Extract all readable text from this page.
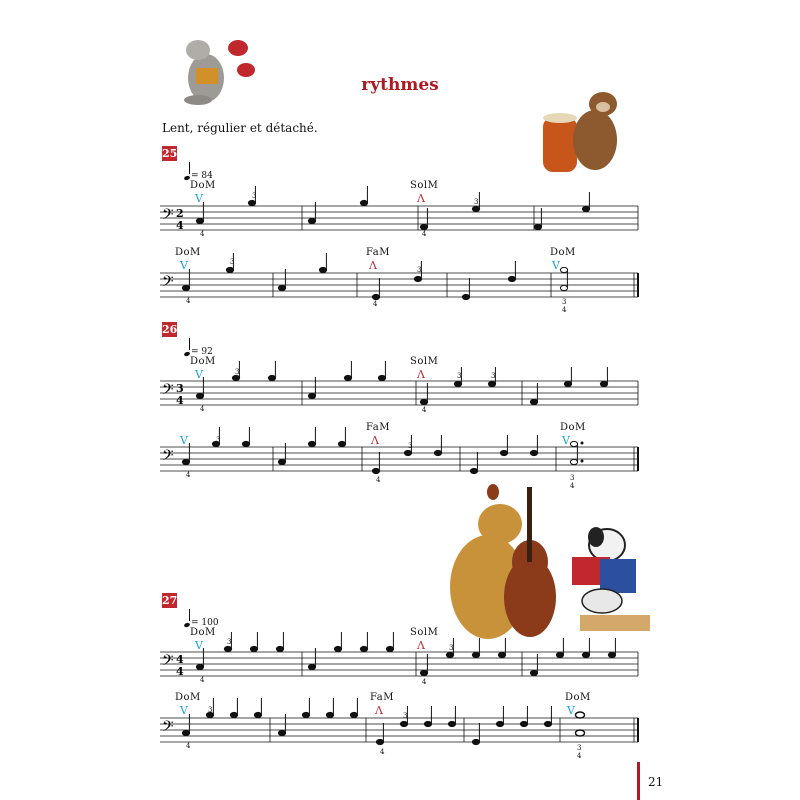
rythmes
Lent, régulier et détaché.
25
= 84
DoM
V
SolM
Λ
𝄢 2
4
4
3
4
3
DoM
V
FaM
Λ
DoM
V
𝄢
4
3
4
3
3
4
26
= 92
DoM
V
SolM
Λ
𝄢 3
4
4
3
4
3	3
V
FaM
Λ
DoM
V
𝄢
4
3
4
3
3
4
27
= 100
DoM
V
SolM
Λ
𝄢 4
4
4
3
4
3
DoM
V
FaM
Λ
DoM
V
𝄢
4
3
4
3
3
4
21
